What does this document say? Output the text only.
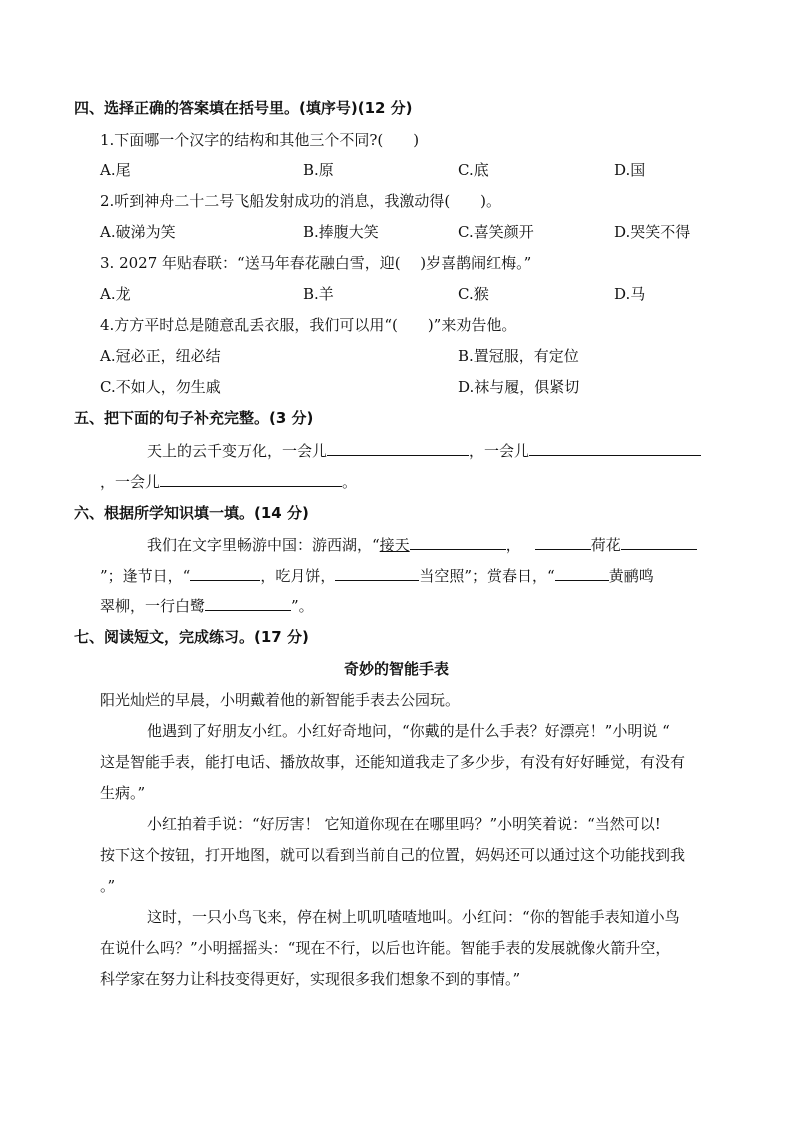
四、选择正确的答案填在括号里。(填序号)(12 分)
1.下面哪一个汉字的结构和其他三个不同?(　　)
A.尾	B.原	C.底	D.国
2.听到神舟二十二号飞船发射成功的消息，我激动得(　　)。
A.破涕为笑	B.捧腹大笑	C.喜笑颜开	D.哭笑不得
3. 2027 年贴春联：“送马年春花融白雪，迎(　 )岁喜鹊闹红梅。”
A.龙	B.羊	C.猴	D.马
4.方方平时总是随意乱丢衣服，我们可以用“(　　)”来劝告他。
A.冠必正，纽必结	B.置冠服，有定位
C.不如人，勿生戚	D.袜与履，俱紧切
五、把下面的句子补充完整。(3 分)
天上的云千变万化，一会儿	，一会儿
，一会儿	。
六、根据所学知识填一填。(14 分)
我们在文字里畅游中国：游西湖，“接天	，	荷花
”；逢节日，“	，吃月饼，	当空照”；赏春日，“	黄鹂鸣
翠柳，一行白鹭	”。
七、阅读短文，完成练习。(17 分)
奇妙的智能手表
阳光灿烂的早晨，小明戴着他的新智能手表去公园玩。
他遇到了好朋友小红。小红好奇地问，“你戴的是什么手表？好漂亮！”小明说 “
这是智能手表，能打电话、播放故事，还能知道我走了多少步，有没有好好睡觉，有没有
生病。”
小红拍着手说：“好厉害！ 它知道你现在在哪里吗？”小明笑着说：“当然可以!
按下这个按钮，打开地图，就可以看到当前自己的位置，妈妈还可以通过这个功能找到我
。”
这时，一只小鸟飞来，停在树上叽叽喳喳地叫。小红问：“你的智能手表知道小鸟
在说什么吗？”小明摇摇头：“现在不行，以后也许能。智能手表的发展就像火箭升空，
科学家在努力让科技变得更好，实现很多我们想象不到的事情。”
